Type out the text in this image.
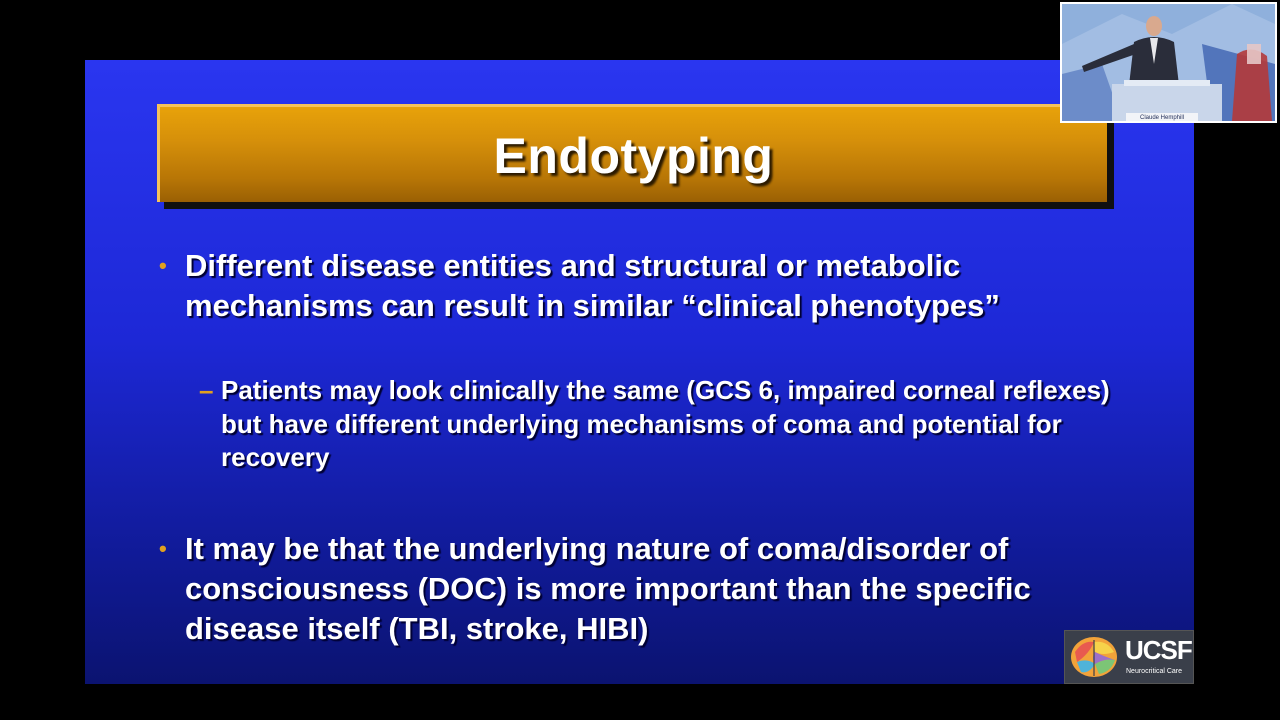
Endotyping
• Different disease entities and structural or metabolic mechanisms can result in similar “clinical phenotypes”
– Patients may look clinically the same (GCS 6, impaired corneal reflexes) but have different underlying mechanisms of coma and potential for recovery
• It may be that the underlying nature of coma/disorder of consciousness (DOC) is more important than the specific disease itself (TBI, stroke, HIBI)
UCSF
Neurocritical Care
Claude Hemphill
